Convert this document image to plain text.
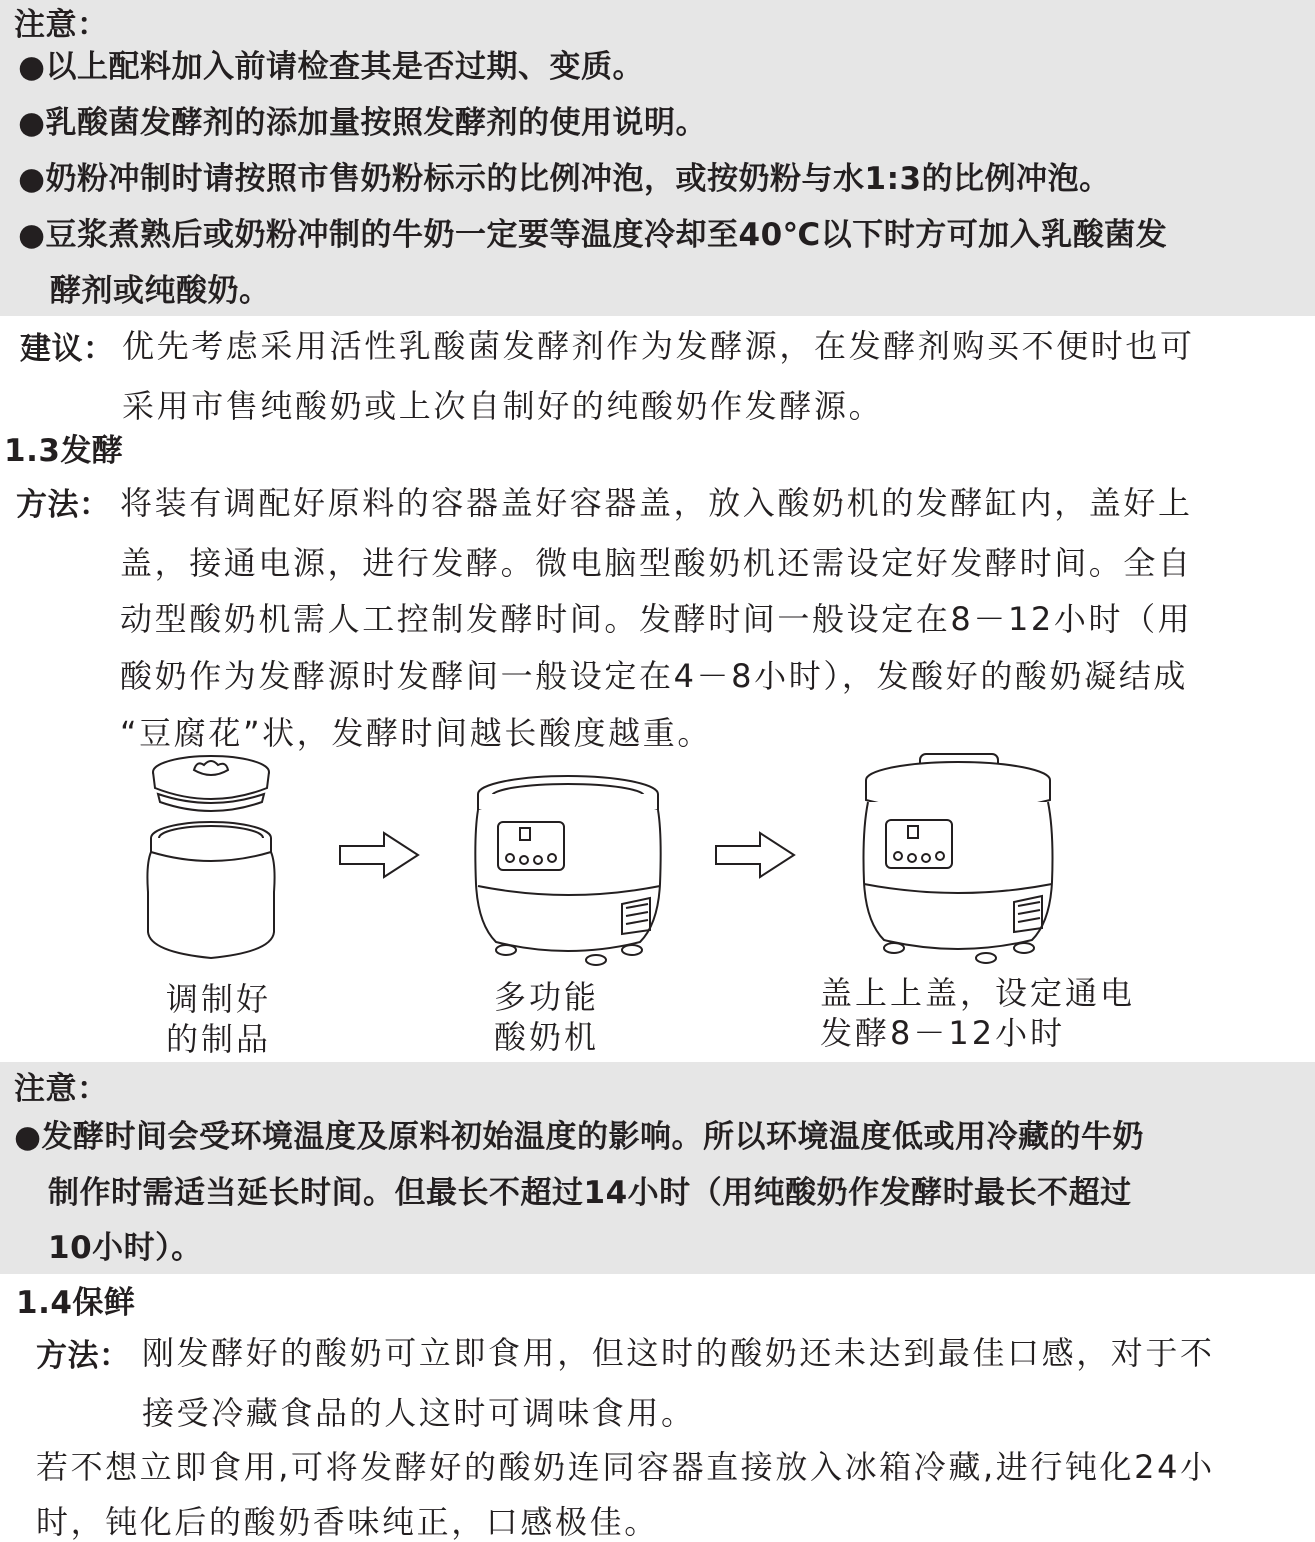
注意：
●以上配料加入前请检查其是否过期、变质。
●乳酸菌发酵剂的添加量按照发酵剂的使用说明。
●奶粉冲制时请按照市售奶粉标示的比例冲泡，或按奶粉与水1:3的比例冲泡。
●豆浆煮熟后或奶粉冲制的牛奶一定要等温度冷却至40℃以下时方可加入乳酸菌发
酵剂或纯酸奶。
建议： 优先考虑采用活性乳酸菌发酵剂作为发酵源，在发酵剂购买不便时也可
采用市售纯酸奶或上次自制好的纯酸奶作发酵源。
1.3发酵
方法： 将装有调配好原料的容器盖好容器盖，放入酸奶机的发酵缸内，盖好上
盖，接通电源，进行发酵。微电脑型酸奶机还需设定好发酵时间。全自
动型酸奶机需人工控制发酵时间。发酵时间一般设定在8－12小时（用
酸奶作为发酵源时发酵间一般设定在4－8小时），发酸好的酸奶凝结成
“豆腐花”状，发酵时间越长酸度越重。
调制好
的制品
多功能
酸奶机
盖上上盖，设定通电
发酵8－12小时
注意：
●发酵时间会受环境温度及原料初始温度的影响。所以环境温度低或用冷藏的牛奶
制作时需适当延长时间。但最长不超过14小时（用纯酸奶作发酵时最长不超过
10小时）。
1.4保鲜
方法： 刚发酵好的酸奶可立即食用，但这时的酸奶还未达到最佳口感，对于不
接受冷藏食品的人这时可调味食用。
若不想立即食用,可将发酵好的酸奶连同容器直接放入冰箱冷藏,进行钝化24小
时，钝化后的酸奶香味纯正，口感极佳。
